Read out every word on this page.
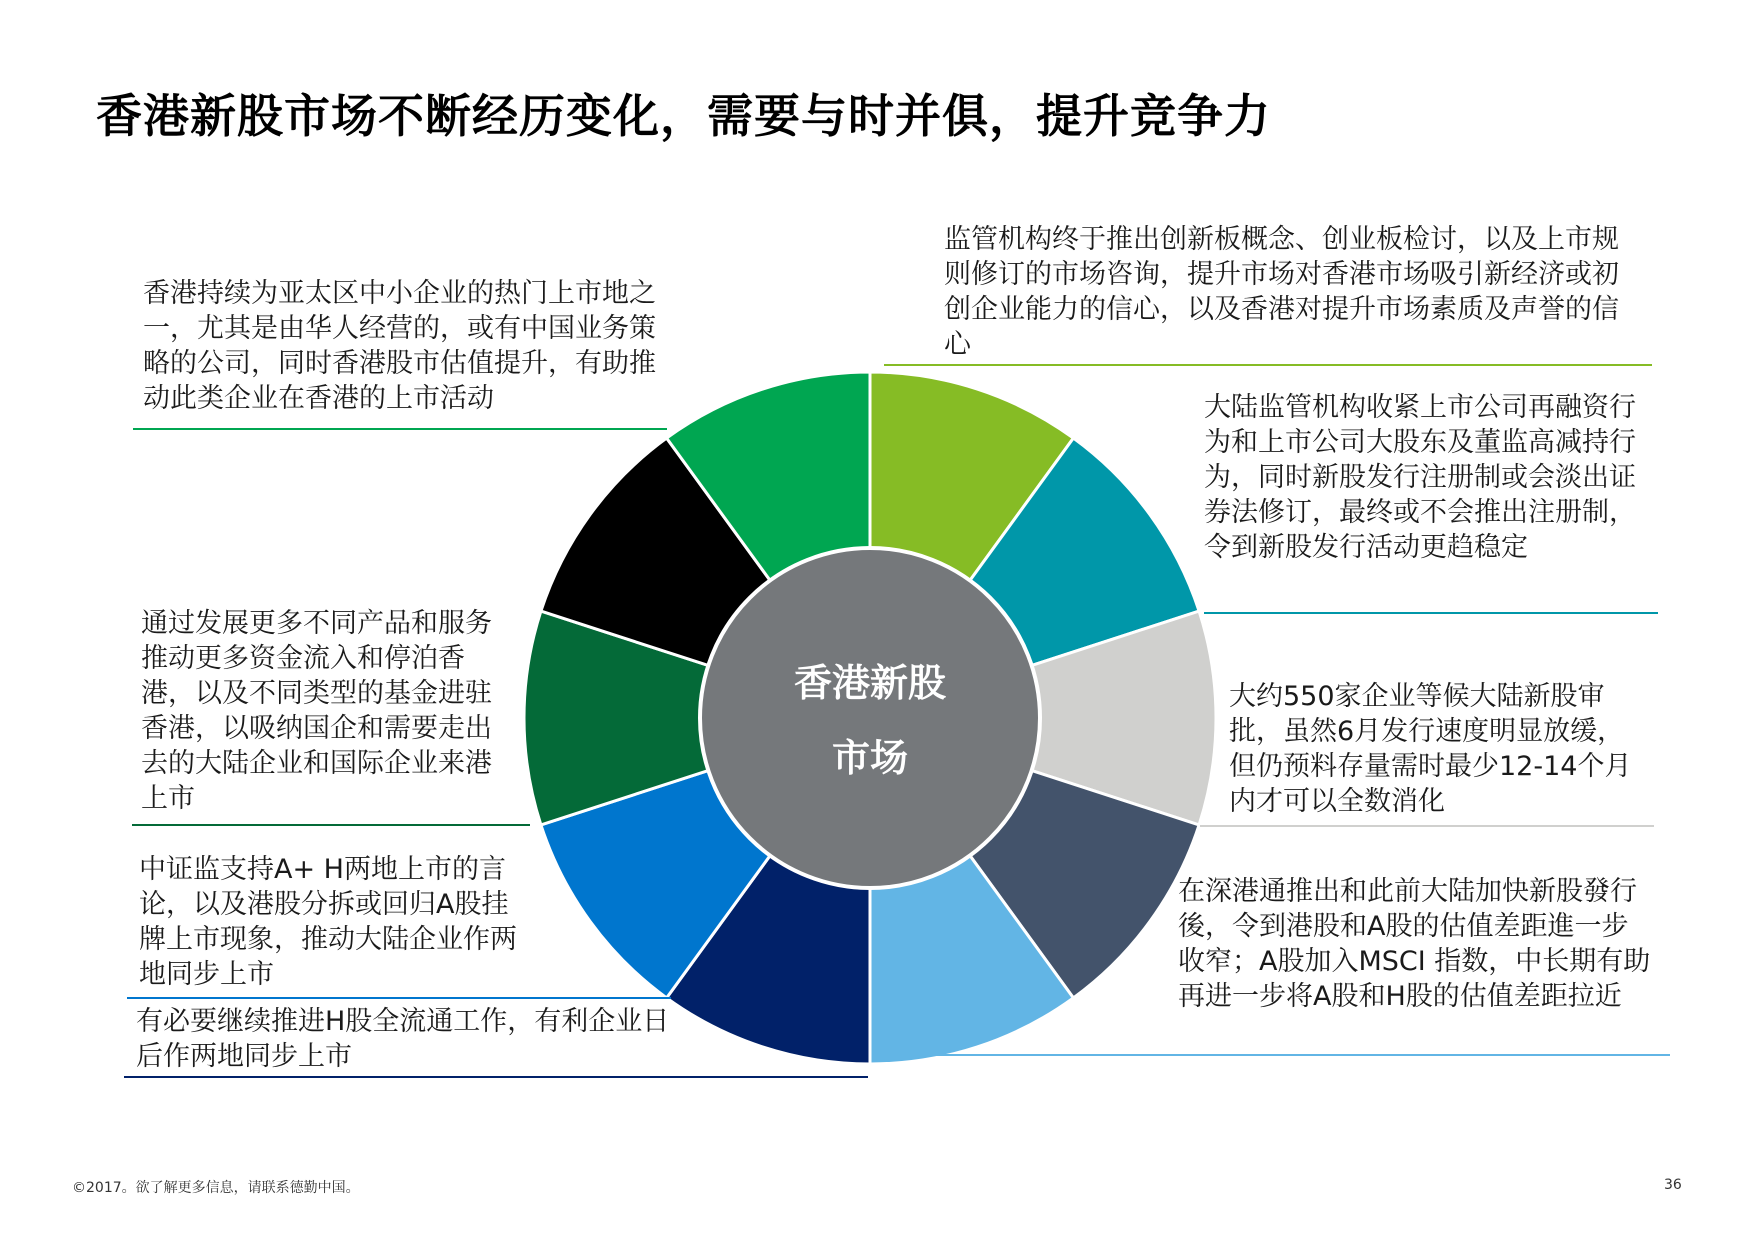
香港新股市场不断经历变化，需要与时并俱，提升竞争力
香港新股
市场
香港持续为亚太区中小企业的热门上市地之一，尤其是由华人经营的，或有中国业务策略的公司，同时香港股市估值提升，有助推动此类企业在香港的上市活动
通过发展更多不同产品和服务推动更多资金流入和停泊香港，以及不同类型的基金进驻香港，以吸纳国企和需要走出去的大陆企业和国际企业来港上市
中证监支持A+ H两地上市的言论，以及港股分拆或回归A股挂牌上市现象，推动大陆企业作两地同步上市
有必要继续推进H股全流通工作，有利企业日后作两地同步上市
监管机构终于推出创新板概念、创业板检讨，以及上市规则修订的市场咨询，提升市场对香港市场吸引新经济或初创企业能力的信心，以及香港对提升市场素质及声誉的信心
大陆监管机构收紧上市公司再融资行为和上市公司大股东及董监高减持行为，同时新股发行注册制或会淡出证券法修订，最终或不会推出注册制，令到新股发行活动更趋稳定
大约550家企业等候大陆新股审批，虽然6月发行速度明显放缓，但仍预料存量需时最少12-14个月内才可以全数消化
在深港通推出和此前大陆加快新股發行後，令到港股和A股的估值差距進一步收窄；A股加入MSCI 指数，中长期有助再进一步将A股和H股的估值差距拉近
©2017。欲了解更多信息，请联系德勤中国。	36
